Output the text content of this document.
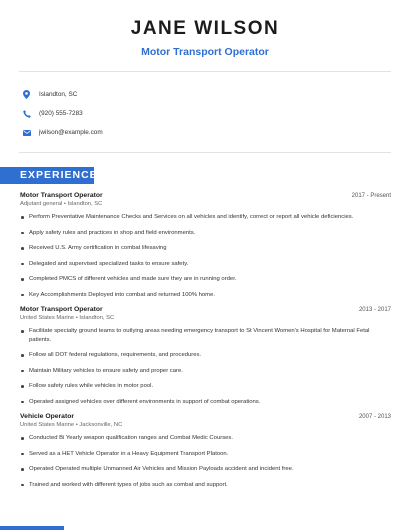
JANE WILSON
Motor Transport Operator
Islandton, SC
(920) 555-7283
jwilson@example.com
EXPERIENCE
Motor Transport Operator	2017 - Present
Adjutant general • Islandton, SC
Perform Preventative Maintenance Checks and Services on all vehicles and identify, correct or report all vehicle deficiencies.
Apply safety rules and practices in shop and field environments.
Received U.S. Army certification in combat lifesaving
Delegated and supervised specialized tasks to ensure safety.
Completed PMCS of different vehicles and made sure they are in running order.
Key Accomplishments Deployed into combat and returned 100% home.
Motor Transport Operator	2013 - 2017
United States Marine • Islandton, SC
Facilitate specialty ground teams to outlying areas needing emergency transport to St Vincent Women's Hospital for Maternal Fetal patients.
Follow all DOT federal regulations, requirements, and procedures.
Maintain Military vehicles to ensure safety and proper care.
Follow safety rules while vehicles in motor pool.
Operated assigned vehicles over different environments in support of combat operations.
Vehicle Operator	2007 - 2013
United States Marine • Jacksonville, NC
Conducted Bi Yearly weapon qualification ranges and Combat Medic Courses.
Served as a HET Vehicle Operator in a Heavy Equipment Transport Platoon.
Operated Operated multiple Unmanned Air Vehicles and Mission Payloads accident and incident free.
Trained and worked with different types of jobs such as combat and support.
